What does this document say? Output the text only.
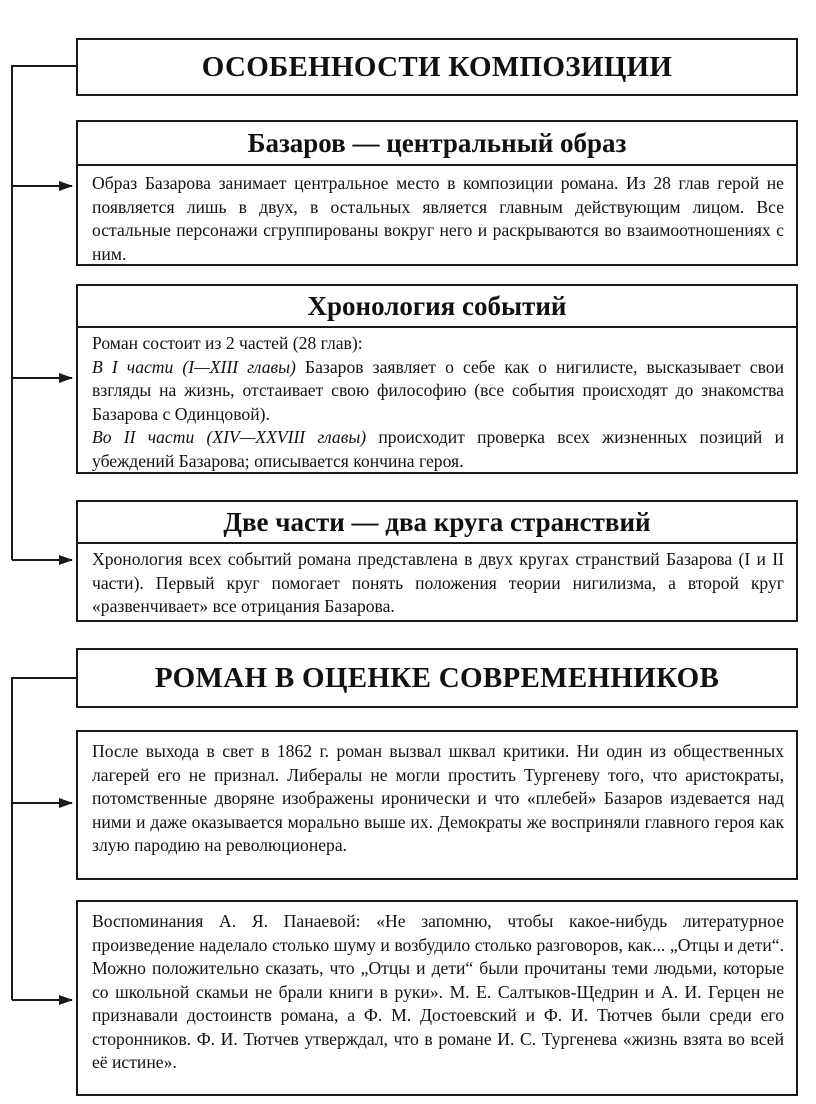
ОСОБЕННОСТИ КОМПОЗИЦИИ
Базаров — центральный образ
Образ Базарова занимает центральное место в композиции романа. Из 28 глав герой не появляется лишь в двух, в остальных является главным действующим лицом. Все остальные персонажи сгруппированы вокруг него и раскрываются во взаимоотношениях с ним.
Хронология событий

Роман состоит из 2 частей (28 глав):

В I части (I—XIII главы) Базаров заявляет о себе как о нигилисте, высказывает свои взгляды на жизнь, отстаивает свою философию (все события происходят до знакомства Базарова с Одинцовой).

Во II части (XIV—XXVIII главы) происходит проверка всех жизненных позиций и убеждений Базарова; описывается кончина героя.

Две части — два круга странствий
Хронология всех событий романа представлена в двух кругах странствий Базарова (I и II части). Первый круг помогает понять положения теории нигилизма, а второй круг «развенчивает» все отрицания Базарова.
РОМАН В ОЦЕНКЕ СОВРЕМЕННИКОВ
После выхода в свет в 1862 г. роман вызвал шквал критики. Ни один из общественных лагерей его не признал. Либералы не могли простить Тургеневу того, что аристократы, потомственные дворяне изображены иронически и что «плебей» Базаров издевается над ними и даже оказывается морально выше их. Демократы же восприняли главного героя как злую пародию на революционера.
Воспоминания А. Я. Панаевой: «Не запомню, чтобы какое-нибудь литературное произведение наделало столько шуму и возбудило столько разговоров, как... „Отцы и дети“. Можно положительно сказать, что „Отцы и дети“ были прочитаны теми людьми, которые со школьной скамьи не брали книги в руки». М. Е. Салтыков-Щедрин и А. И. Герцен не признавали достоинств романа, а Ф. М. Достоевский и Ф. И. Тютчев были среди его сторонников. Ф. И. Тютчев утверждал, что в романе И. С. Тургенева «жизнь взята во всей её истине».
